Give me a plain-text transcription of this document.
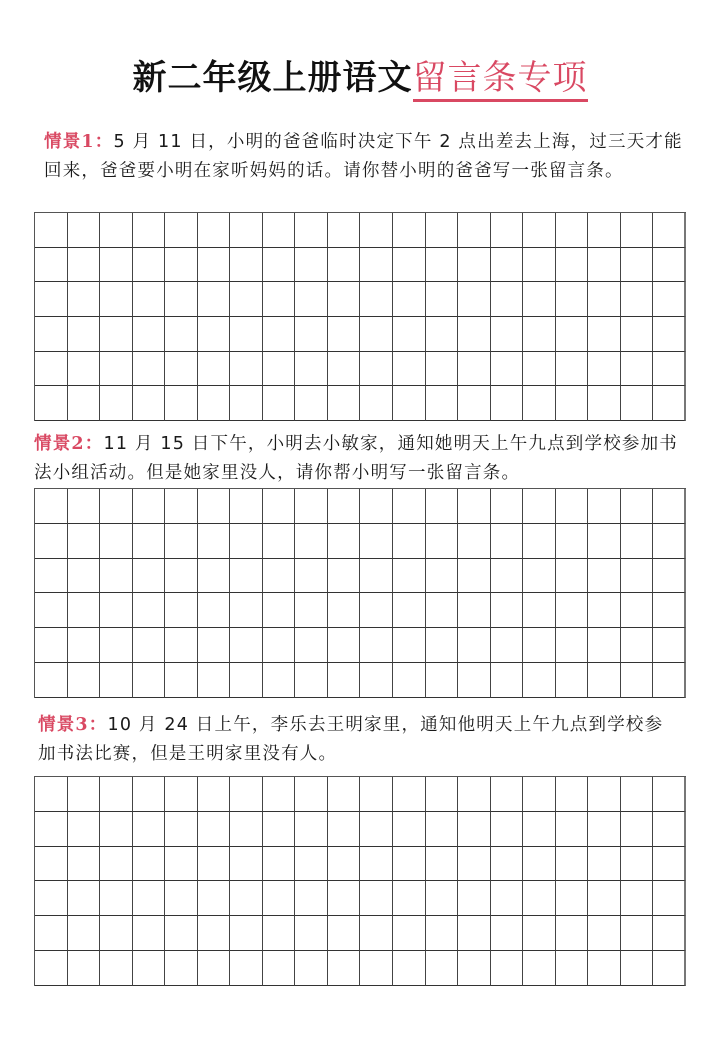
新二年级上册语文留言条专项
情景1：5 月 11 日，小明的爸爸临时决定下午 2 点出差去上海，过三天才能回来，爸爸要小明在家听妈妈的话。请你替小明的爸爸写一张留言条。
情景2：11 月 15 日下午，小明去小敏家，通知她明天上午九点到学校参加书法小组活动。但是她家里没人，请你帮小明写一张留言条。
情景3：10 月 24 日上午，李乐去王明家里，通知他明天上午九点到学校参加书法比赛，但是王明家里没有人。
